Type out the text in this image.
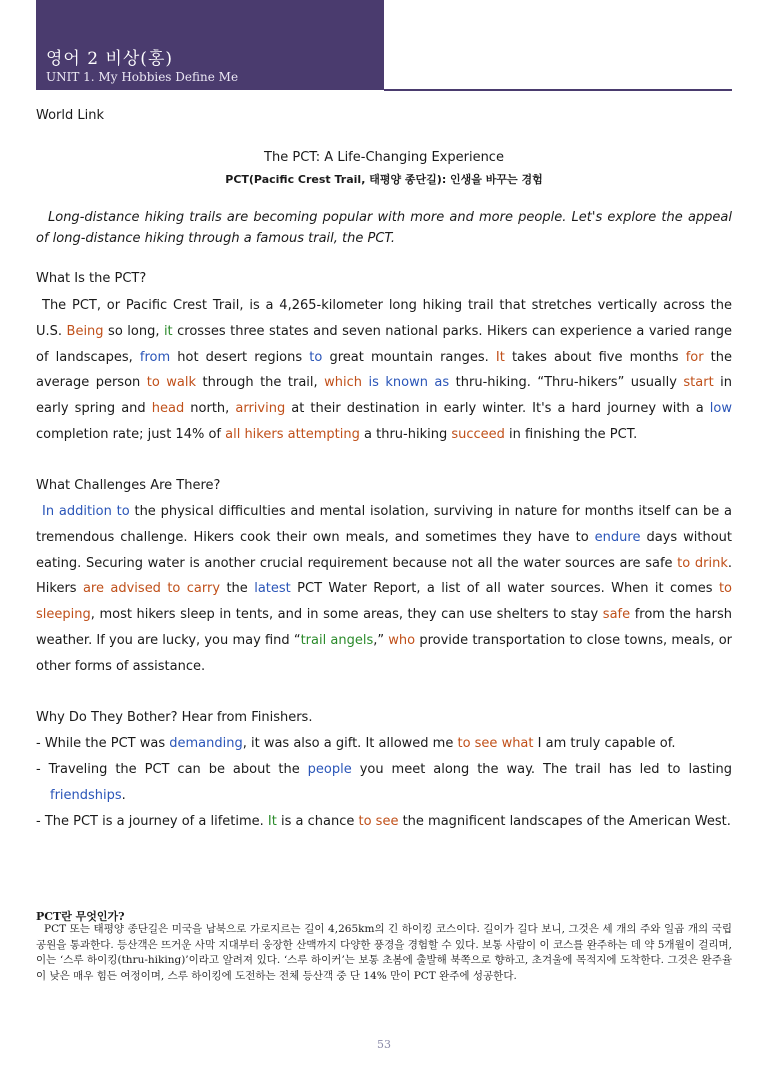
영어 2 비상(홍)
UNIT 1. My Hobbies Define Me
World Link
The PCT: A Life-Changing Experience
PCT(Pacific Crest Trail, 태평양 종단길): 인생을 바꾸는 경험
Long-distance hiking trails are becoming popular with more and more people. Let's explore the appeal of long-distance hiking through a famous trail, the PCT.
What Is the PCT?
The PCT, or Pacific Crest Trail, is a 4,265-kilometer long hiking trail that stretches vertically across the U.S. Being so long, it crosses three states and seven national parks. Hikers can experience a varied range of landscapes, from hot desert regions to great mountain ranges. It takes about five months for the average person to walk through the trail, which is known as thru-hiking. “Thru-hikers” usually start in early spring and head north, arriving at their destination in early winter. It's a hard journey with a low completion rate; just 14% of all hikers attempting a thru-hiking succeed in finishing the PCT.
What Challenges Are There?
In addition to the physical difficulties and mental isolation, surviving in nature for months itself can be a tremendous challenge. Hikers cook their own meals, and sometimes they have to endure days without eating. Securing water is another crucial requirement because not all the water sources are safe to drink. Hikers are advised to carry the latest PCT Water Report, a list of all water sources. When it comes to sleeping, most hikers sleep in tents, and in some areas, they can use shelters to stay safe from the harsh weather. If you are lucky, you may find “trail angels,” who provide transportation to close towns, meals, or other forms of assistance.
Why Do They Bother? Hear from Finishers.
- While the PCT was demanding, it was also a gift. It allowed me to see what I am truly capable of.
- Traveling the PCT can be about the people you meet along the way. The trail has led to lasting friendships.
- The PCT is a journey of a lifetime. It is a chance to see the magnificent landscapes of the American West.
PCT란 무엇인가?
PCT 또는 태평양 종단길은 미국을 남북으로 가로지르는 길이 4,265km의 긴 하이킹 코스이다. 길이가 길다 보니, 그것은 세 개의 주와 일곱 개의 국립공원을 통과한다. 등산객은 뜨거운 사막 지대부터 웅장한 산맥까지 다양한 풍경을 경험할 수 있다. 보통 사람이 이 코스를 완주하는 데 약 5개월이 걸리며, 이는 ‘스루 하이킹(thru-hiking)’이라고 알려져 있다. ‘스루 하이커’는 보통 초봄에 출발해 북쪽으로 향하고, 초겨울에 목적지에 도착한다. 그것은 완주율이 낮은 매우 힘든 여정이며, 스루 하이킹에 도전하는 전체 등산객 중 단 14% 만이 PCT 완주에 성공한다.
53
